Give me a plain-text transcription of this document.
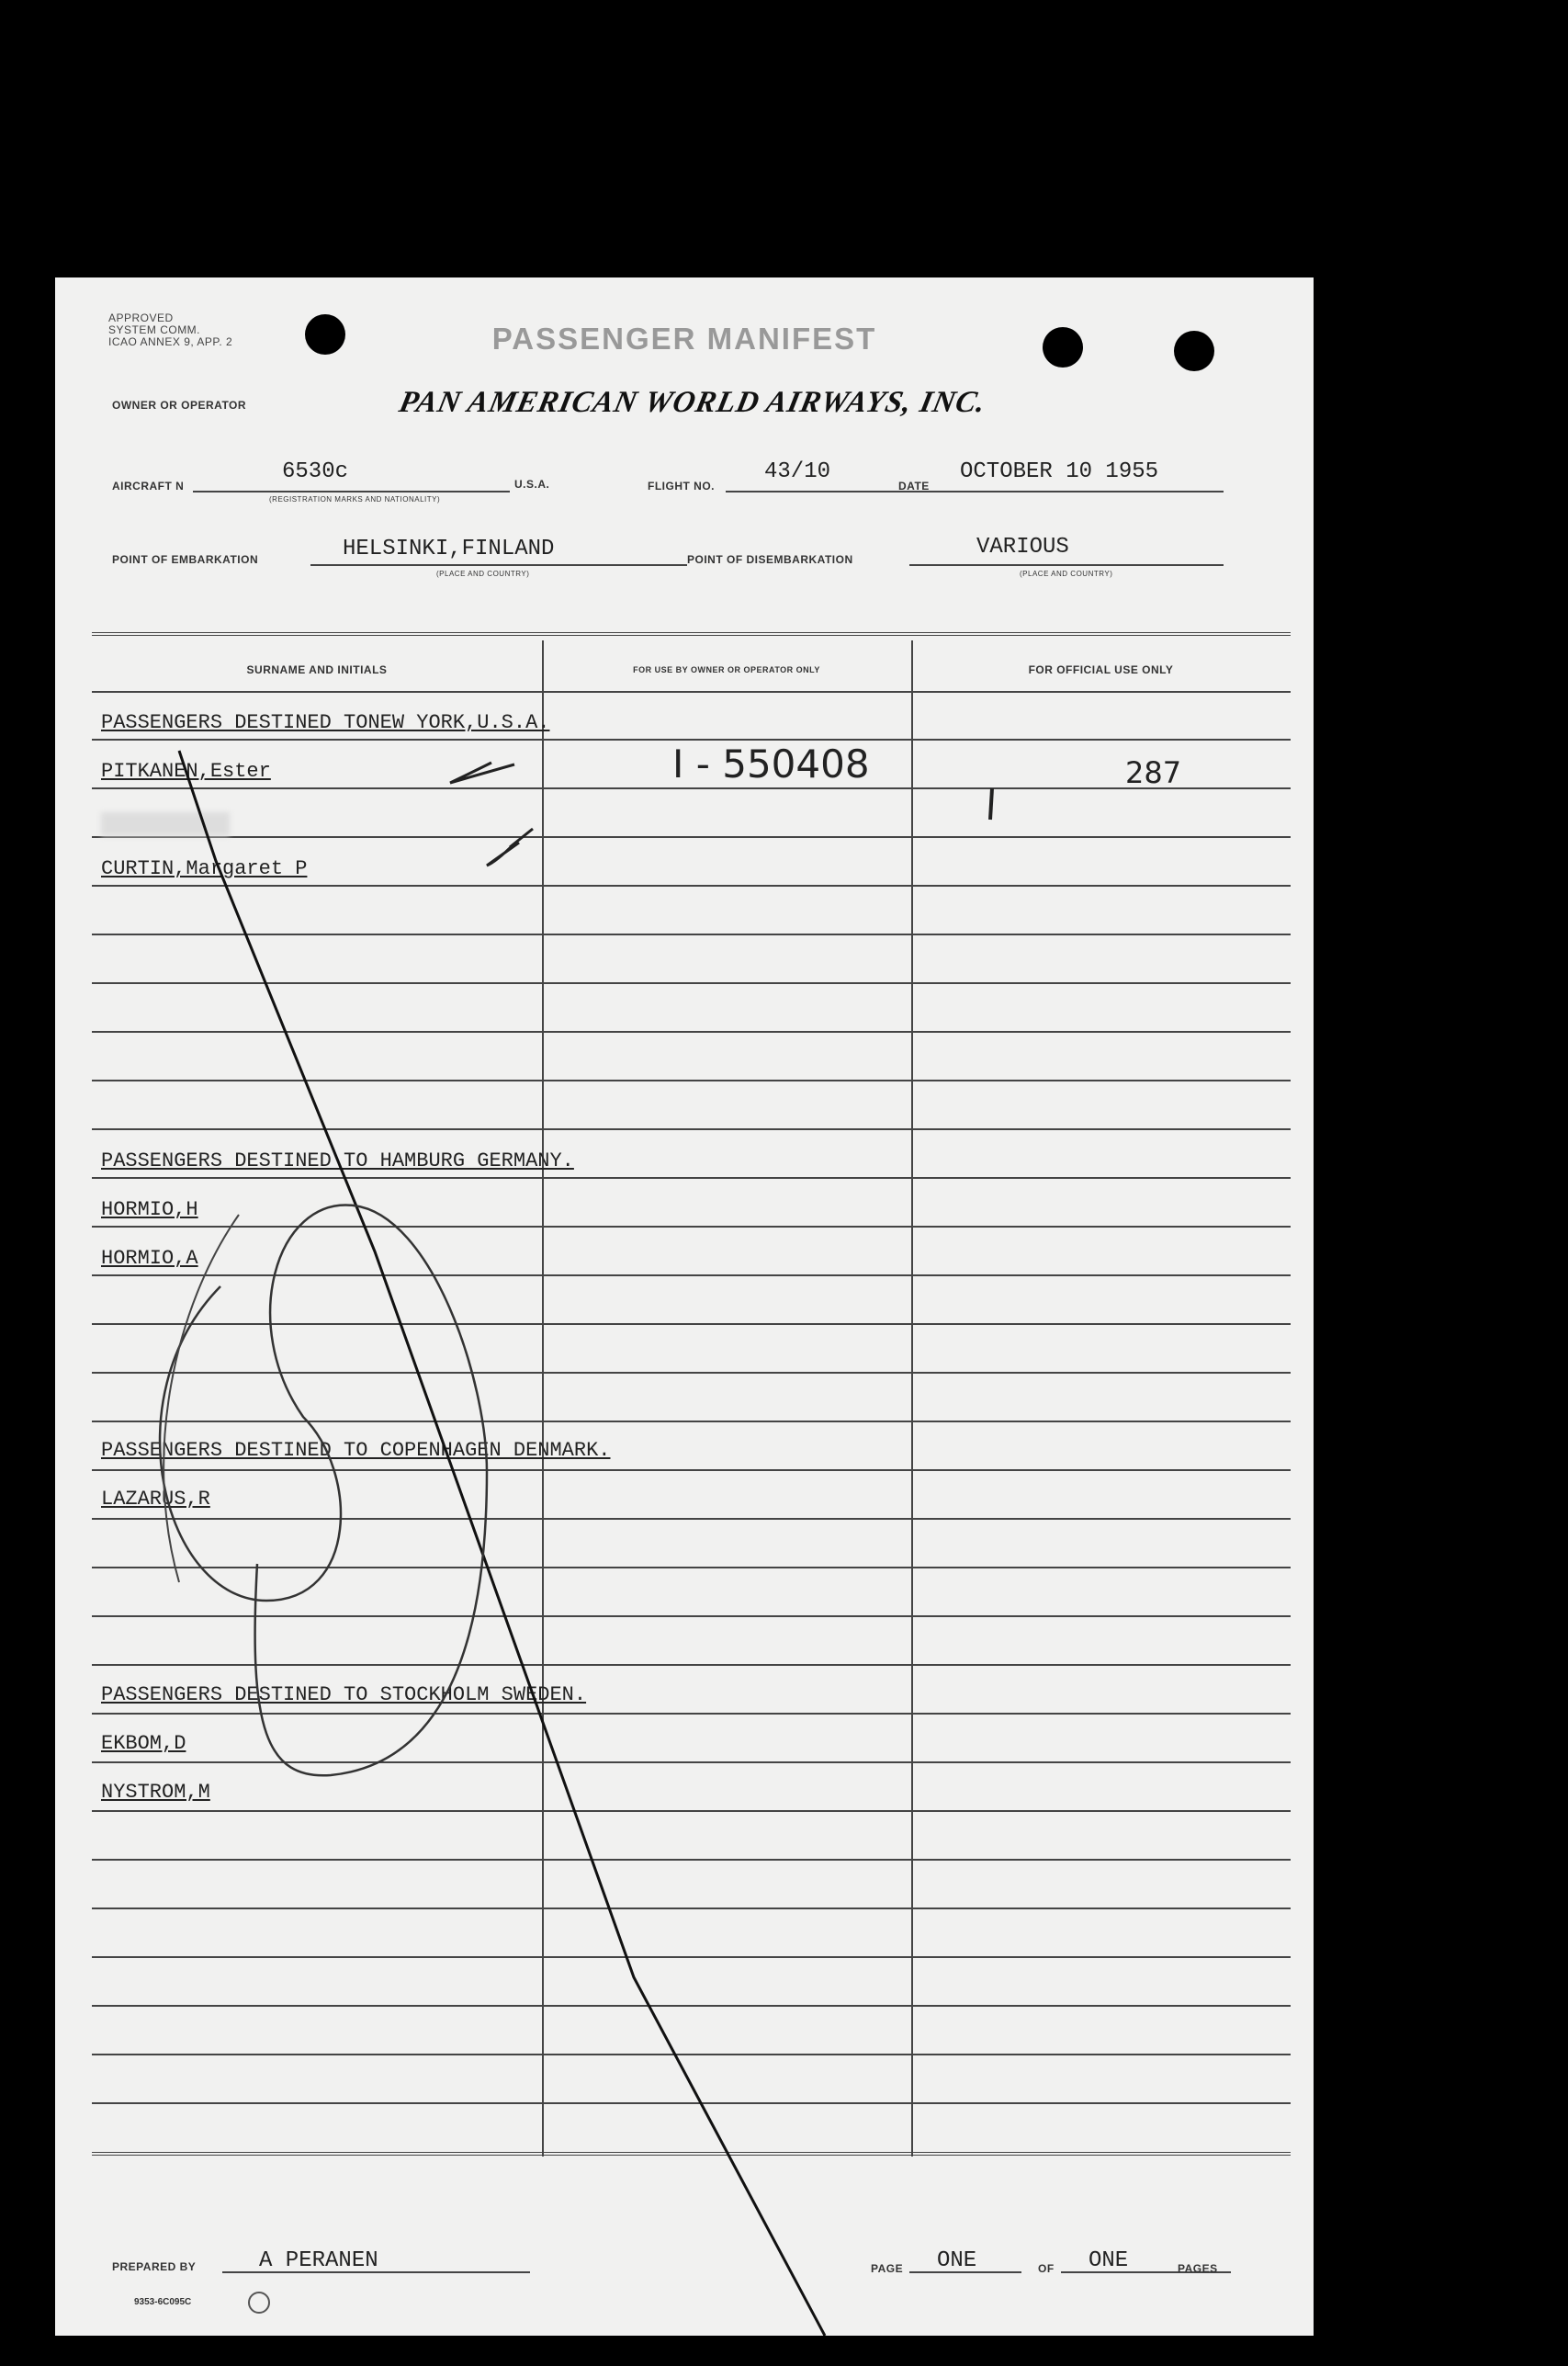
APPROVED
SYSTEM COMM.
ICAO ANNEX 9, APP. 2	PASSENGER MANIFEST
OWNER OR OPERATOR	PAN AMERICAN WORLD AIRWAYS, INC.
AIRCRAFT N
6530c
(REGISTRATION MARKS AND NATIONALITY)
U.S.A.	FLIGHT NO.
43/10
DATE
OCTOBER 10 1955
POINT OF EMBARKATION	HELSINKI,FINLAND
(PLACE AND COUNTRY)
POINT OF DISEMBARKATION	VARIOUS
(PLACE AND COUNTRY)
SURNAME AND INITIALS	FOR USE BY OWNER OR OPERATOR ONLY	FOR OFFICIAL USE ONLY
PASSENGERS DESTINED TONEW YORK,U.S.A.
PITKANEN,Ester	I - 550408	287
CURTIN,Margaret P
PASSENGERS DESTINED TO HAMBURG GERMANY.
HORMIO,H
HORMIO,A
PASSENGERS DESTINED TO COPENHAGEN DENMARK.
LAZARUS,R
PASSENGERS DESTINED TO STOCKHOLM SWEDEN.
EKBOM,D
NYSTROM,M
PREPARED BY	A PERANEN	PAGE ONE	OF ONE	PAGES
9353-6C095C
